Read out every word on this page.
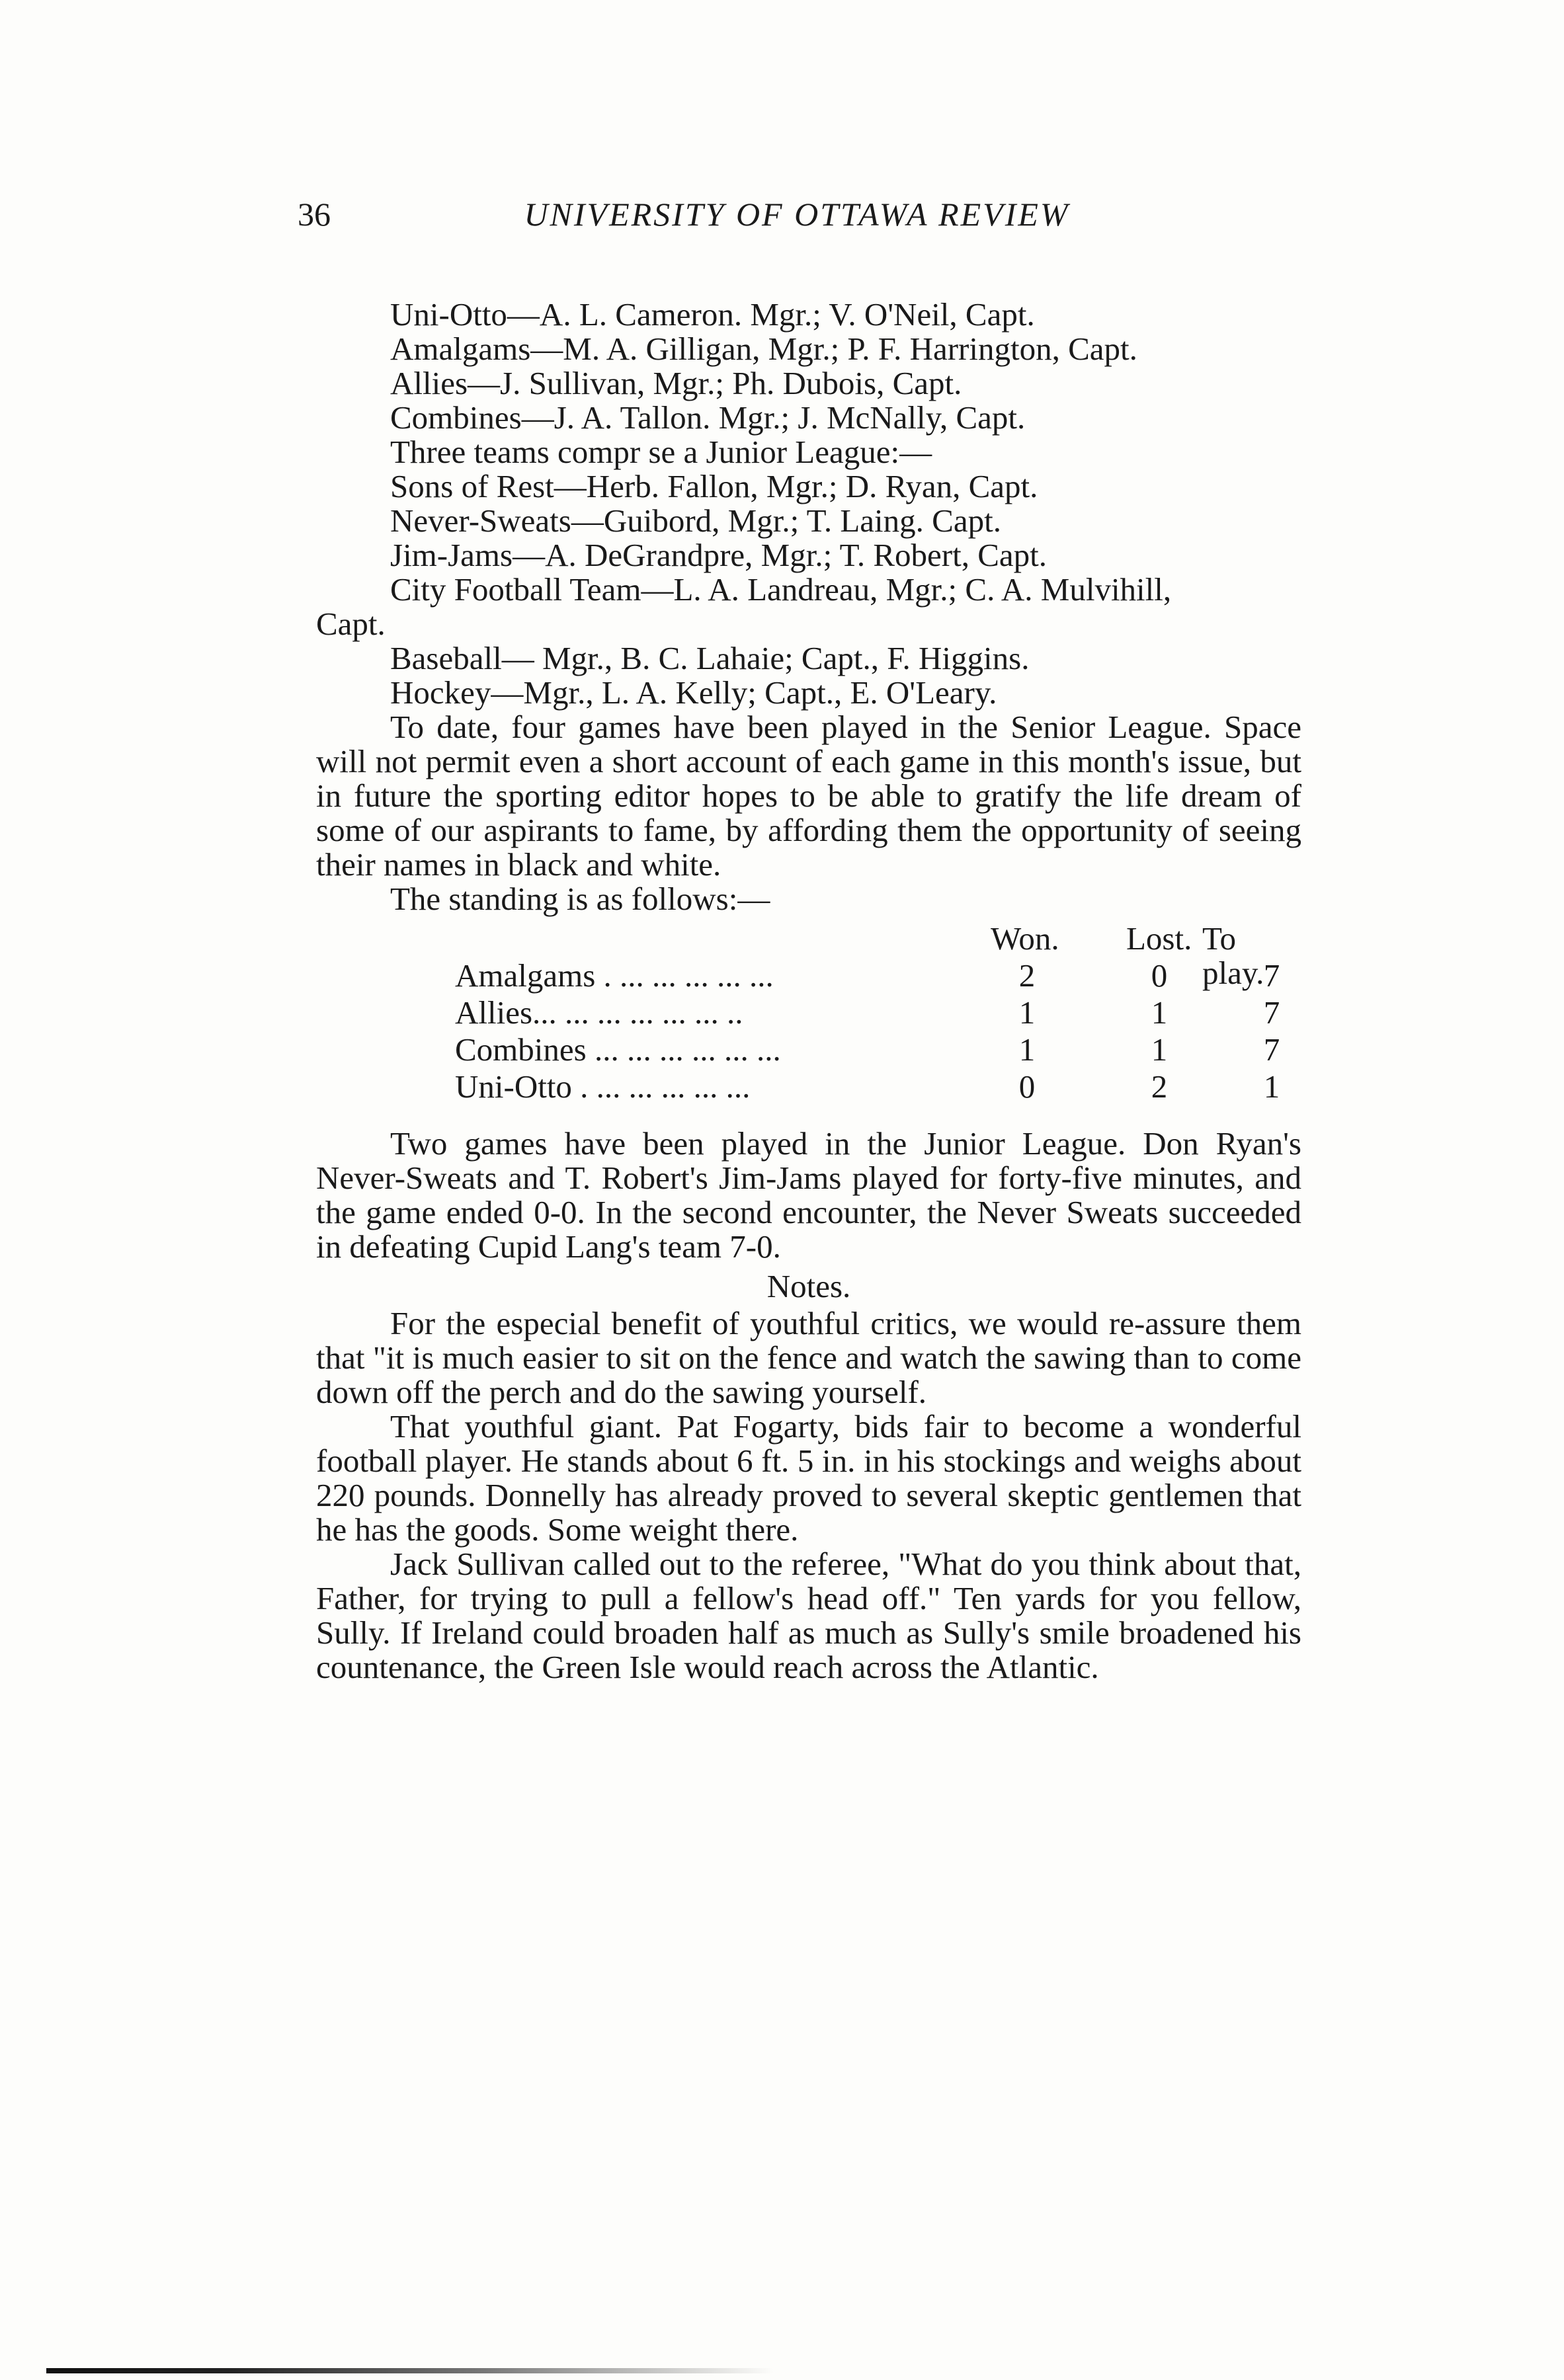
36	UNIVERSITY OF OTTAWA REVIEW

Uni-Otto—A. L. Cameron. Mgr.; V. O'Neil, Capt.

Amalgams—M. A. Gilligan, Mgr.; P. F. Harrington, Capt.

Allies—J. Sullivan, Mgr.; Ph. Dubois, Capt.

Combines—J. A. Tallon. Mgr.; J. McNally, Capt.

Three teams compr se a Junior League:—

Sons of Rest—Herb. Fallon, Mgr.; D. Ryan, Capt.

Never-Sweats—Guibord, Mgr.; T. Laing. Capt.

Jim-Jams—A. DeGrandpre, Mgr.; T. Robert, Capt.

City Football Team—L. A. Landreau, Mgr.; C. A. Mulvihill,

Capt.

Baseball— Mgr., B. C. Lahaie; Capt., F. Higgins.

Hockey—Mgr., L. A. Kelly; Capt., E. O'Leary.

To date, four games have been played in the Senior League. Space will not permit even a short account of each game in this month's issue, but in future the sporting editor hopes to be able to gratify the life dream of some of our aspirants to fame, by affording them the opportunity of seeing their names in black and white.

The standing is as follows:—

Won. Lost. To play.
Amalgams . ... ... ... ... ...	2	0	7
Allies... ... ... ... ... ... ..	1	1	7
Combines ... ... ... ... ... ...	1	1	7
Uni-Otto . ... ... ... ... ...	0	2	1

Two games have been played in the Junior League. Don Ryan's Never-Sweats and T. Robert's Jim-Jams played for forty-five minutes, and the game ended 0-0. In the second encounter, the Never Sweats succeeded in defeating Cupid Lang's team 7-0.

Notes.

For the especial benefit of youthful critics, we would re-assure them that "it is much easier to sit on the fence and watch the sawing than to come down off the perch and do the sawing yourself.

That youthful giant. Pat Fogarty, bids fair to become a wonderful football player. He stands about 6 ft. 5 in. in his stockings and weighs about 220 pounds. Donnelly has already proved to several skeptic gentlemen that he has the goods. Some weight there.

Jack Sullivan called out to the referee, "What do you think about that, Father, for trying to pull a fellow's head off." Ten yards for you fellow, Sully. If Ireland could broaden half as much as Sully's smile broadened his countenance, the Green Isle would reach across the Atlantic.
